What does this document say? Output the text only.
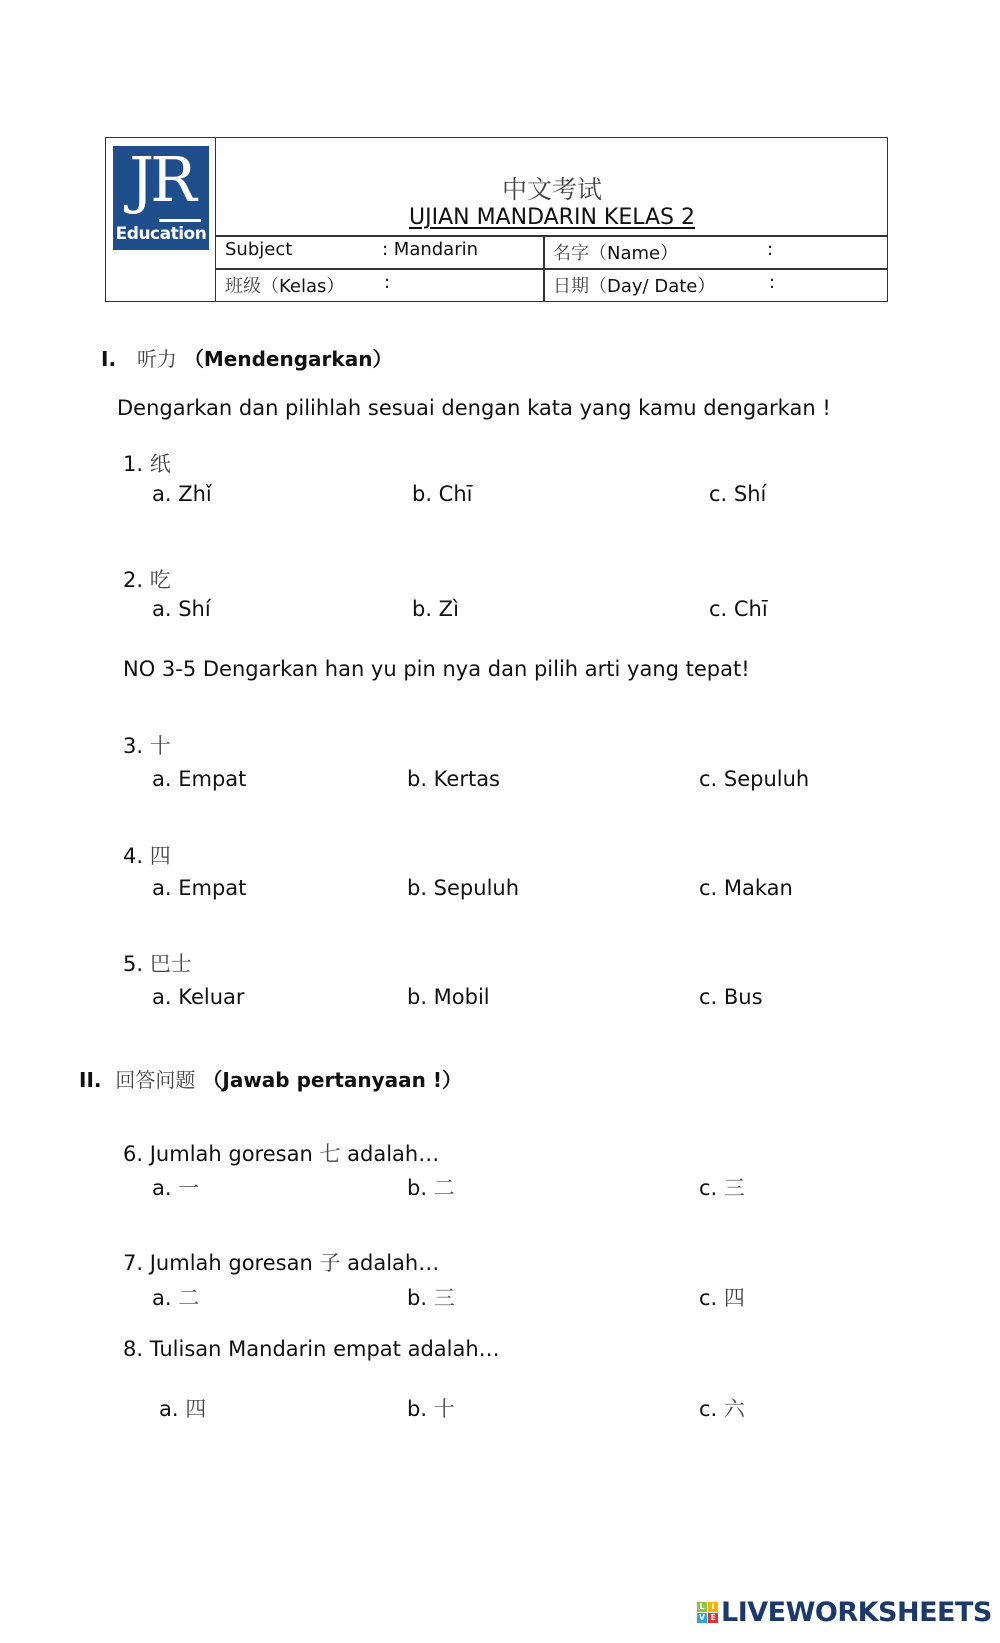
JR
Education
中文考试
UJIAN MANDARIN KELAS 2
Subject	: Mandarin	名字（Name）	:
班级（Kelas） :	日期（Day/ Date）	:
I. 听力 （Mendengarkan）
Dengarkan dan pilihlah sesuai dengan kata yang kamu dengarkan !
1. 纸
a. Zhǐ	b. Chī	c. Shí
2. 吃
a. Shí	b. Zì	c. Chī
NO 3-5 Dengarkan han yu pin nya dan pilih arti yang tepat!
3. 十
a. Empat	b. Kertas	c. Sepuluh
4. 四
a. Empat	b. Sepuluh	c. Makan
5. 巴士
a. Keluar	b. Mobil	c. Bus
II. 回答问题 （Jawab pertanyaan !）
6. Jumlah goresan 七 adalah…
a. 一	b. 二	c. 三
7. Jumlah goresan 子 adalah…
a. 二	b. 三	c. 四
8. Tulisan Mandarin empat adalah…
a. 四	b. 十	c. 六
L I
V E LIVEWORKSHEETS
